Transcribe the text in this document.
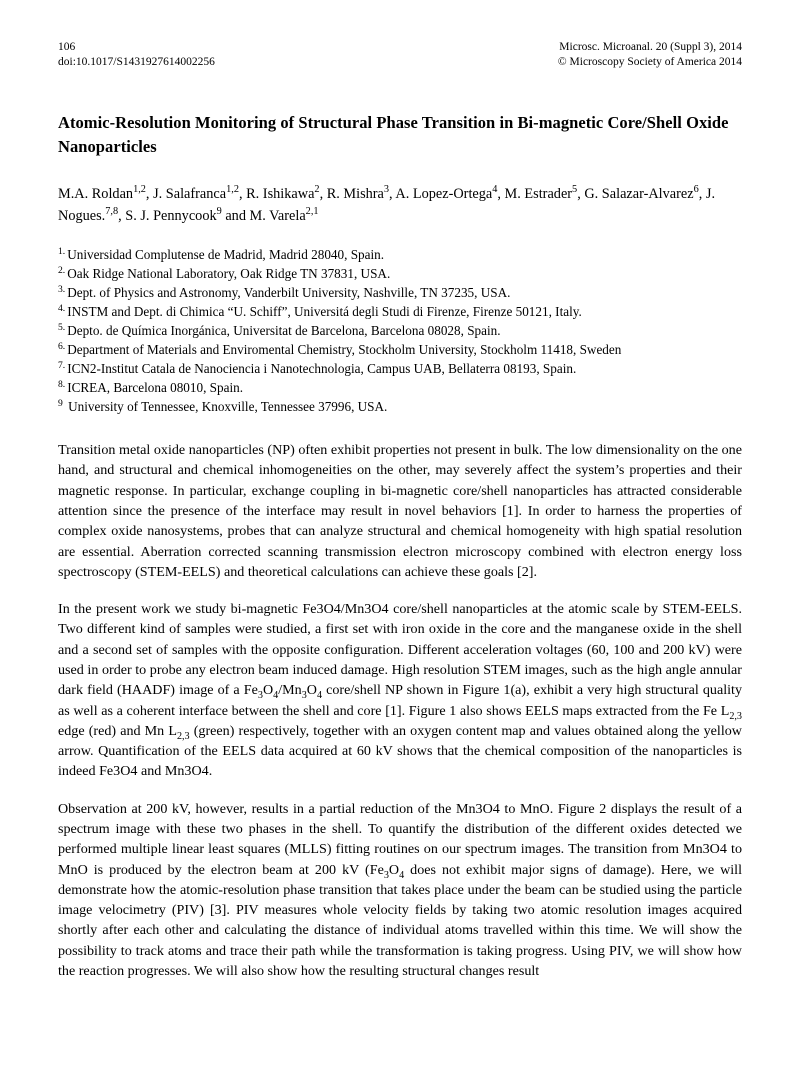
106
doi:10.1017/S1431927614002256
Microsc. Microanal. 20 (Suppl 3), 2014
© Microscopy Society of America 2014
Atomic-Resolution Monitoring of Structural Phase Transition in Bi-magnetic Core/Shell Oxide Nanoparticles
M.A. Roldan$^{1,2}$, J. Salafranca$^{1,2}$, R. Ishikawa$^2$, R. Mishra$^3$, A. Lopez-Ortega$^4$, M. Estrader$^5$, G. Salazar-Alvarez$^6$, J. Nogues.$^{7,8}$, S. J. Pennycook$^9$ and M. Varela$^{2,1}$
$^{1.}$ Universidad Complutense de Madrid, Madrid 28040, Spain.
$^{2.}$ Oak Ridge National Laboratory, Oak Ridge TN 37831, USA.
$^{3.}$ Dept. of Physics and Astronomy, Vanderbilt University, Nashville, TN 37235, USA.
$^{4.}$ INSTM and Dept. di Chimica “U. Schiff”, Universitá degli Studi di Firenze, Firenze 50121, Italy.
$^{5.}$ Depto. de Química Inorgánica, Universitat de Barcelona, Barcelona 08028, Spain.
$^{6.}$ Department of Materials and Enviromental Chemistry, Stockholm University, Stockholm 11418, Sweden
$^{7.}$ ICN2-Institut Catala de Nanociencia i Nanotechnologia, Campus UAB, Bellaterra 08193, Spain.
$^{8.}$ ICREA, Barcelona 08010, Spain.
$^9$ University of Tennessee, Knoxville, Tennessee 37996, USA.

Transition metal oxide nanoparticles (NP) often exhibit properties not present in bulk. The low dimensionality on the one hand, and structural and chemical inhomogeneities on the other, may severely affect the system’s properties and their magnetic response. In particular, exchange coupling in bi-magnetic core/shell nanoparticles has attracted considerable attention since the presence of the interface may result in novel behaviors [1]. In order to harness the properties of complex oxide nanosystems, probes that can analyze structural and chemical homogeneity with high spatial resolution are essential. Aberration corrected scanning transmission electron microscopy combined with electron energy loss spectroscopy (STEM-EELS) and theoretical calculations can achieve these goals [2].

In the present work we study bi-magnetic Fe3O4/Mn3O4 core/shell nanoparticles at the atomic scale by STEM-EELS. Two different kind of samples were studied, a first set with iron oxide in the core and the manganese oxide in the shell and a second set of samples with the opposite configuration. Different acceleration voltages (60, 100 and 200 kV) were used in order to probe any electron beam induced damage. High resolution STEM images, such as the high angle annular dark field (HAADF) image of a $Fe_3O_4/Mn_3O_4$ core/shell NP shown in Figure 1(a), exhibit a very high structural quality as well as a coherent interface between the shell and core [1]. Figure 1 also shows EELS maps extracted from the Fe $L_{2,3}$ edge (red) and Mn $L_{2,3}$ (green) respectively, together with an oxygen content map and values obtained along the yellow arrow. Quantification of the EELS data acquired at 60 kV shows that the chemical composition of the nanoparticles is indeed Fe3O4 and Mn3O4.

Observation at 200 kV, however, results in a partial reduction of the Mn3O4 to MnO. Figure 2 displays the result of a spectrum image with these two phases in the shell. To quantify the distribution of the different oxides detected we performed multiple linear least squares (MLLS) fitting routines on our spectrum images. The transition from Mn3O4 to MnO is produced by the electron beam at 200 kV ($Fe_3O_4$ does not exhibit major signs of damage). Here, we will demonstrate how the atomic-resolution phase transition that takes place under the beam can be studied using the particle image velocimetry (PIV) [3]. PIV measures whole velocity fields by taking two atomic resolution images acquired shortly after each other and calculating the distance of individual atoms travelled within this time. We will show the possibility to track atoms and trace their path while the transformation is taking progress. Using PIV, we will show how the reaction progresses. We will also show how the resulting structural changes result
